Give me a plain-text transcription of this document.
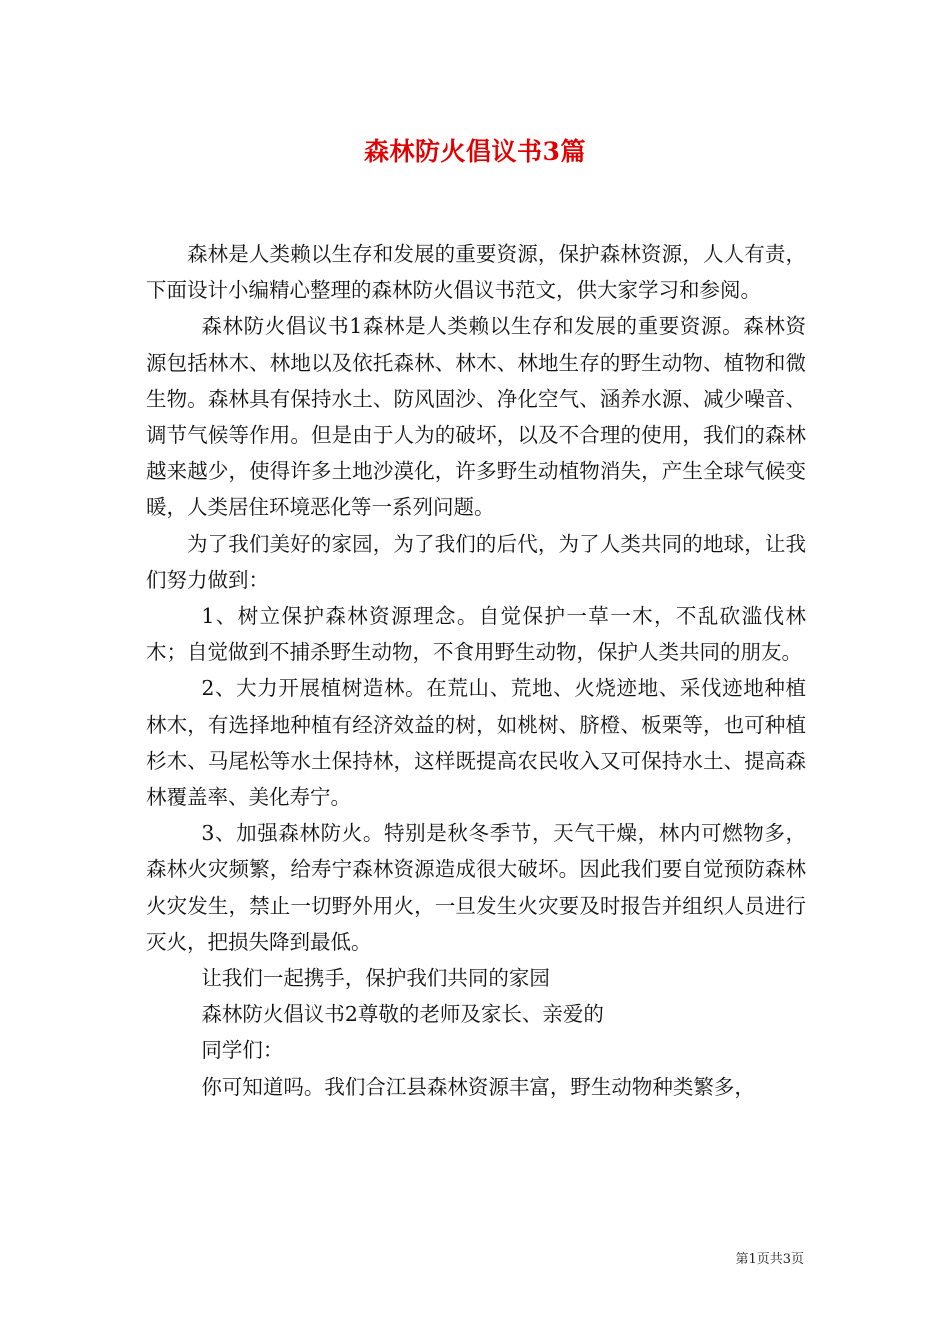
森林防火倡议书3篇

森林是人类赖以生存和发展的重要资源，保护森林资源，人人有责，下面设计小编精心整理的森林防火倡议书范文，供大家学习和参阅。

森林防火倡议书1森林是人类赖以生存和发展的重要资源。森林资源包括林木、林地以及依托森林、林木、林地生存的野生动物、植物和微生物。森林具有保持水土、防风固沙、净化空气、涵养水源、减少噪音、调节气候等作用。但是由于人为的破坏，以及不合理的使用，我们的森林越来越少，使得许多土地沙漠化，许多野生动植物消失，产生全球气候变暖，人类居住环境恶化等一系列问题。

为了我们美好的家园，为了我们的后代，为了人类共同的地球，让我们努力做到：

1、树立保护森林资源理念。自觉保护一草一木，不乱砍滥伐林木；自觉做到不捕杀野生动物，不食用野生动物，保护人类共同的朋友。

2、大力开展植树造林。在荒山、荒地、火烧迹地、采伐迹地种植林木，有选择地种植有经济效益的树，如桃树、脐橙、板栗等，也可种植杉木、马尾松等水土保持林，这样既提高农民收入又可保持水土、提高森林覆盖率、美化寿宁。

3、加强森林防火。特别是秋冬季节，天气干燥，林内可燃物多，森林火灾频繁，给寿宁森林资源造成很大破坏。因此我们要自觉预防森林火灾发生，禁止一切野外用火，一旦发生火灾要及时报告并组织人员进行灭火，把损失降到最低。

让我们一起携手，保护我们共同的家园

森林防火倡议书2尊敬的老师及家长、亲爱的

同学们：

你可知道吗。我们合江县森林资源丰富，野生动物种类繁多，

第1页共3页
